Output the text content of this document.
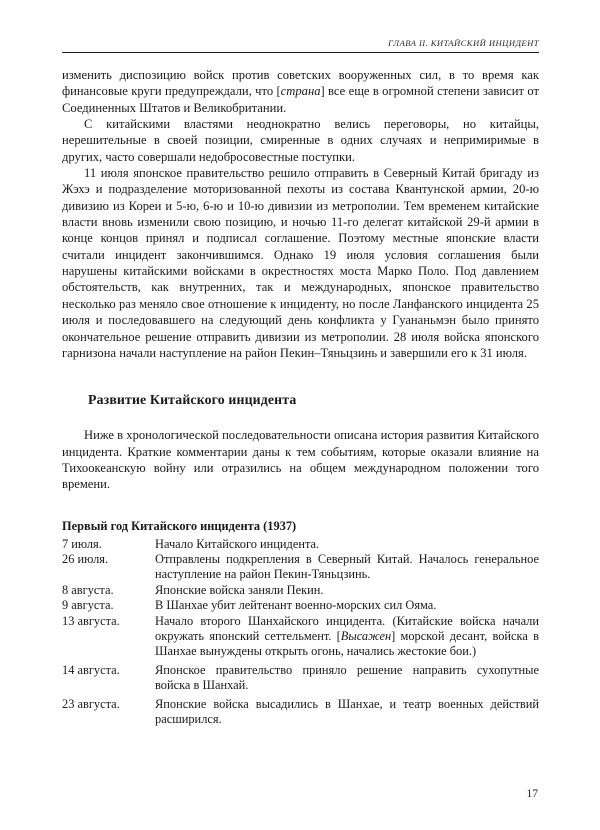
ГЛАВА II. КИТАЙСКИЙ ИНЦИДЕНТ

изменить диспозицию войск против советских вооруженных сил, в то время как финансовые круги предупреждали, что [страна] все еще в огромной степени зависит от Соединенных Штатов и Великобритании.

С китайскими властями неоднократно велись переговоры, но китайцы, нерешительные в своей позиции, смиренные в одних случаях и непримиримые в других, часто совершали недобросовестные поступки.

11 июля японское правительство решило отправить в Северный Китай бригаду из Жэхэ и подразделение моторизованной пехоты из состава Квантунской армии, 20-ю дивизию из Кореи и 5-ю, 6-ю и 10-ю дивизии из метрополии. Тем временем китайские власти вновь изменили свою позицию, и ночью 11-го делегат китайской 29-й армии в конце концов принял и подписал соглашение. Поэтому местные японские власти считали инцидент закончившимся. Однако 19 июля условия соглашения были нарушены китайскими войсками в окрестностях моста Марко Поло. Под давлением обстоятельств, как внутренних, так и международных, японское правительство несколько раз меняло свое отношение к инциденту, но после Ланфанского инцидента 25 июля и последовавшего на следующий день конфликта у Гуананьмэн было принято окончательное решение отправить дивизии из метрополии. 28 июля войска японского гарнизона начали наступление на район Пекин–Тяньцзинь и завершили его к 31 июля.

Развитие Китайского инцидента

Ниже в хронологической последовательности описана история развития Китайского инцидента. Краткие комментарии даны к тем событиям, которые оказали влияние на Тихоокеанскую войну или отразились на общем международном положении того времени.

Первый год Китайского инцидента (1937)
7 июля.	Начало Китайского инцидента.
26 июля.	Отправлены подкрепления в Северный Китай. Началось генеральное наступление на район Пекин-Тяньцзинь.
8 августа.	Японские войска заняли Пекин.
9 августа.	В Шанхае убит лейтенант военно-морских сил Ояма.
13 августа.	Начало второго Шанхайского инцидента. (Китайские войска начали окружать японский сеттельмент. [Высажен] морской десант, войска в Шанхае вынуждены открыть огонь, начались жестокие бои.)
14 августа.	Японское правительство приняло решение направить сухопутные войска в Шанхай.
23 августа.	Японские войска высадились в Шанхае, и театр военных действий расширился.
17
